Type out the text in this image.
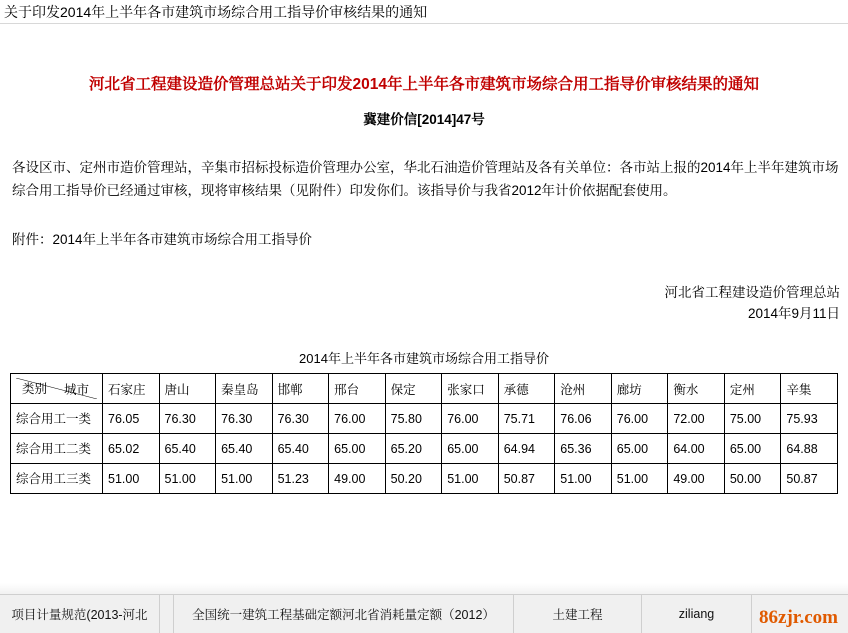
关于印发2014年上半年各市建筑市场综合用工指导价审核结果的通知
河北省工程建设造价管理总站关于印发2014年上半年各市建筑市场综合用工指导价审核结果的通知
冀建价信[2014]47号
各设区市、定州市造价管理站，辛集市招标投标造价管理办公室，华北石油造价管理站及各有关单位：各市站上报的2014年上半年建筑市场综合用工指导价已经通过审核，现将审核结果（见附件）印发你们。该指导价与我省2012年计价依据配套使用。
附件：2014年上半年各市建筑市场综合用工指导价
河北省工程建设造价管理总站
2014年9月11日
2014年上半年各市建筑市场综合用工指导价
城市
类别	石家庄	唐山	秦皇岛	邯郸	邢台	保定	张家口	承德	沧州	廊坊	衡水	定州	辛集
综合用工一类	76.05	76.30	76.30	76.30	76.00	75.80	76.00	75.71	76.06	76.00	72.00	75.00	75.93
综合用工二类	65.02	65.40	65.40	65.40	65.00	65.20	65.00	64.94	65.36	65.00	64.00	65.00	64.88
综合用工三类	51.00	51.00	51.00	51.23	49.00	50.20	51.00	50.87	51.00	51.00	49.00	50.00	50.87
项目计量规范(2013-河北	全国统一建筑工程基础定额河北省消耗量定额（2012）	土建工程	ziliang	86zjr.com
